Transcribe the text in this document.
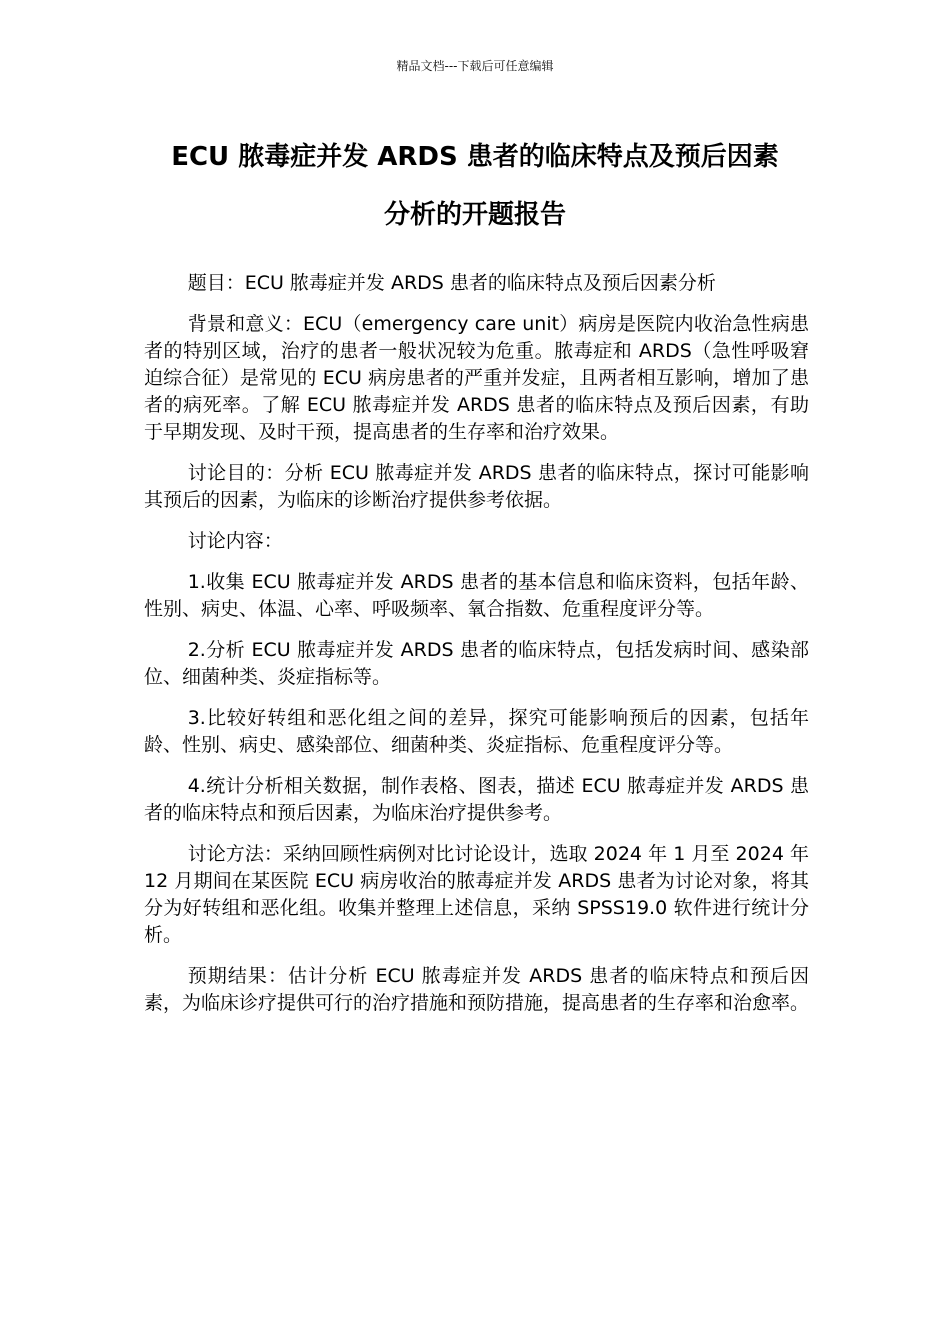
精品文档---下载后可任意编辑
ECU 脓毒症并发 ARDS 患者的临床特点及预后因素
分析的开题报告

题目：ECU 脓毒症并发 ARDS 患者的临床特点及预后因素分析

背景和意义：ECU（emergency care unit）病房是医院内收治急性病患者的特别区域，治疗的患者一般状况较为危重。脓毒症和 ARDS（急性呼吸窘迫综合征）是常见的 ECU 病房患者的严重并发症，且两者相互影响，增加了患者的病死率。了解 ECU 脓毒症并发 ARDS 患者的临床特点及预后因素，有助于早期发现、及时干预，提高患者的生存率和治疗效果。

讨论目的：分析 ECU 脓毒症并发 ARDS 患者的临床特点，探讨可能影响其预后的因素，为临床的诊断治疗提供参考依据。

讨论内容：

1.收集 ECU 脓毒症并发 ARDS 患者的基本信息和临床资料，包括年龄、性别、病史、体温、心率、呼吸频率、氧合指数、危重程度评分等。

2.分析 ECU 脓毒症并发 ARDS 患者的临床特点，包括发病时间、感染部位、细菌种类、炎症指标等。

3.比较好转组和恶化组之间的差异，探究可能影响预后的因素，包括年龄、性别、病史、感染部位、细菌种类、炎症指标、危重程度评分等。

4.统计分析相关数据，制作表格、图表，描述 ECU 脓毒症并发 ARDS 患者的临床特点和预后因素，为临床治疗提供参考。

讨论方法：采纳回顾性病例对比讨论设计，选取 2024 年 1 月至 2024 年 12 月期间在某医院 ECU 病房收治的脓毒症并发 ARDS 患者为讨论对象，将其分为好转组和恶化组。收集并整理上述信息，采纳 SPSS19.0 软件进行统计分析。

预期结果：估计分析 ECU 脓毒症并发 ARDS 患者的临床特点和预后因素，为临床诊疗提供可行的治疗措施和预防措施，提高患者的生存率和治愈率。
